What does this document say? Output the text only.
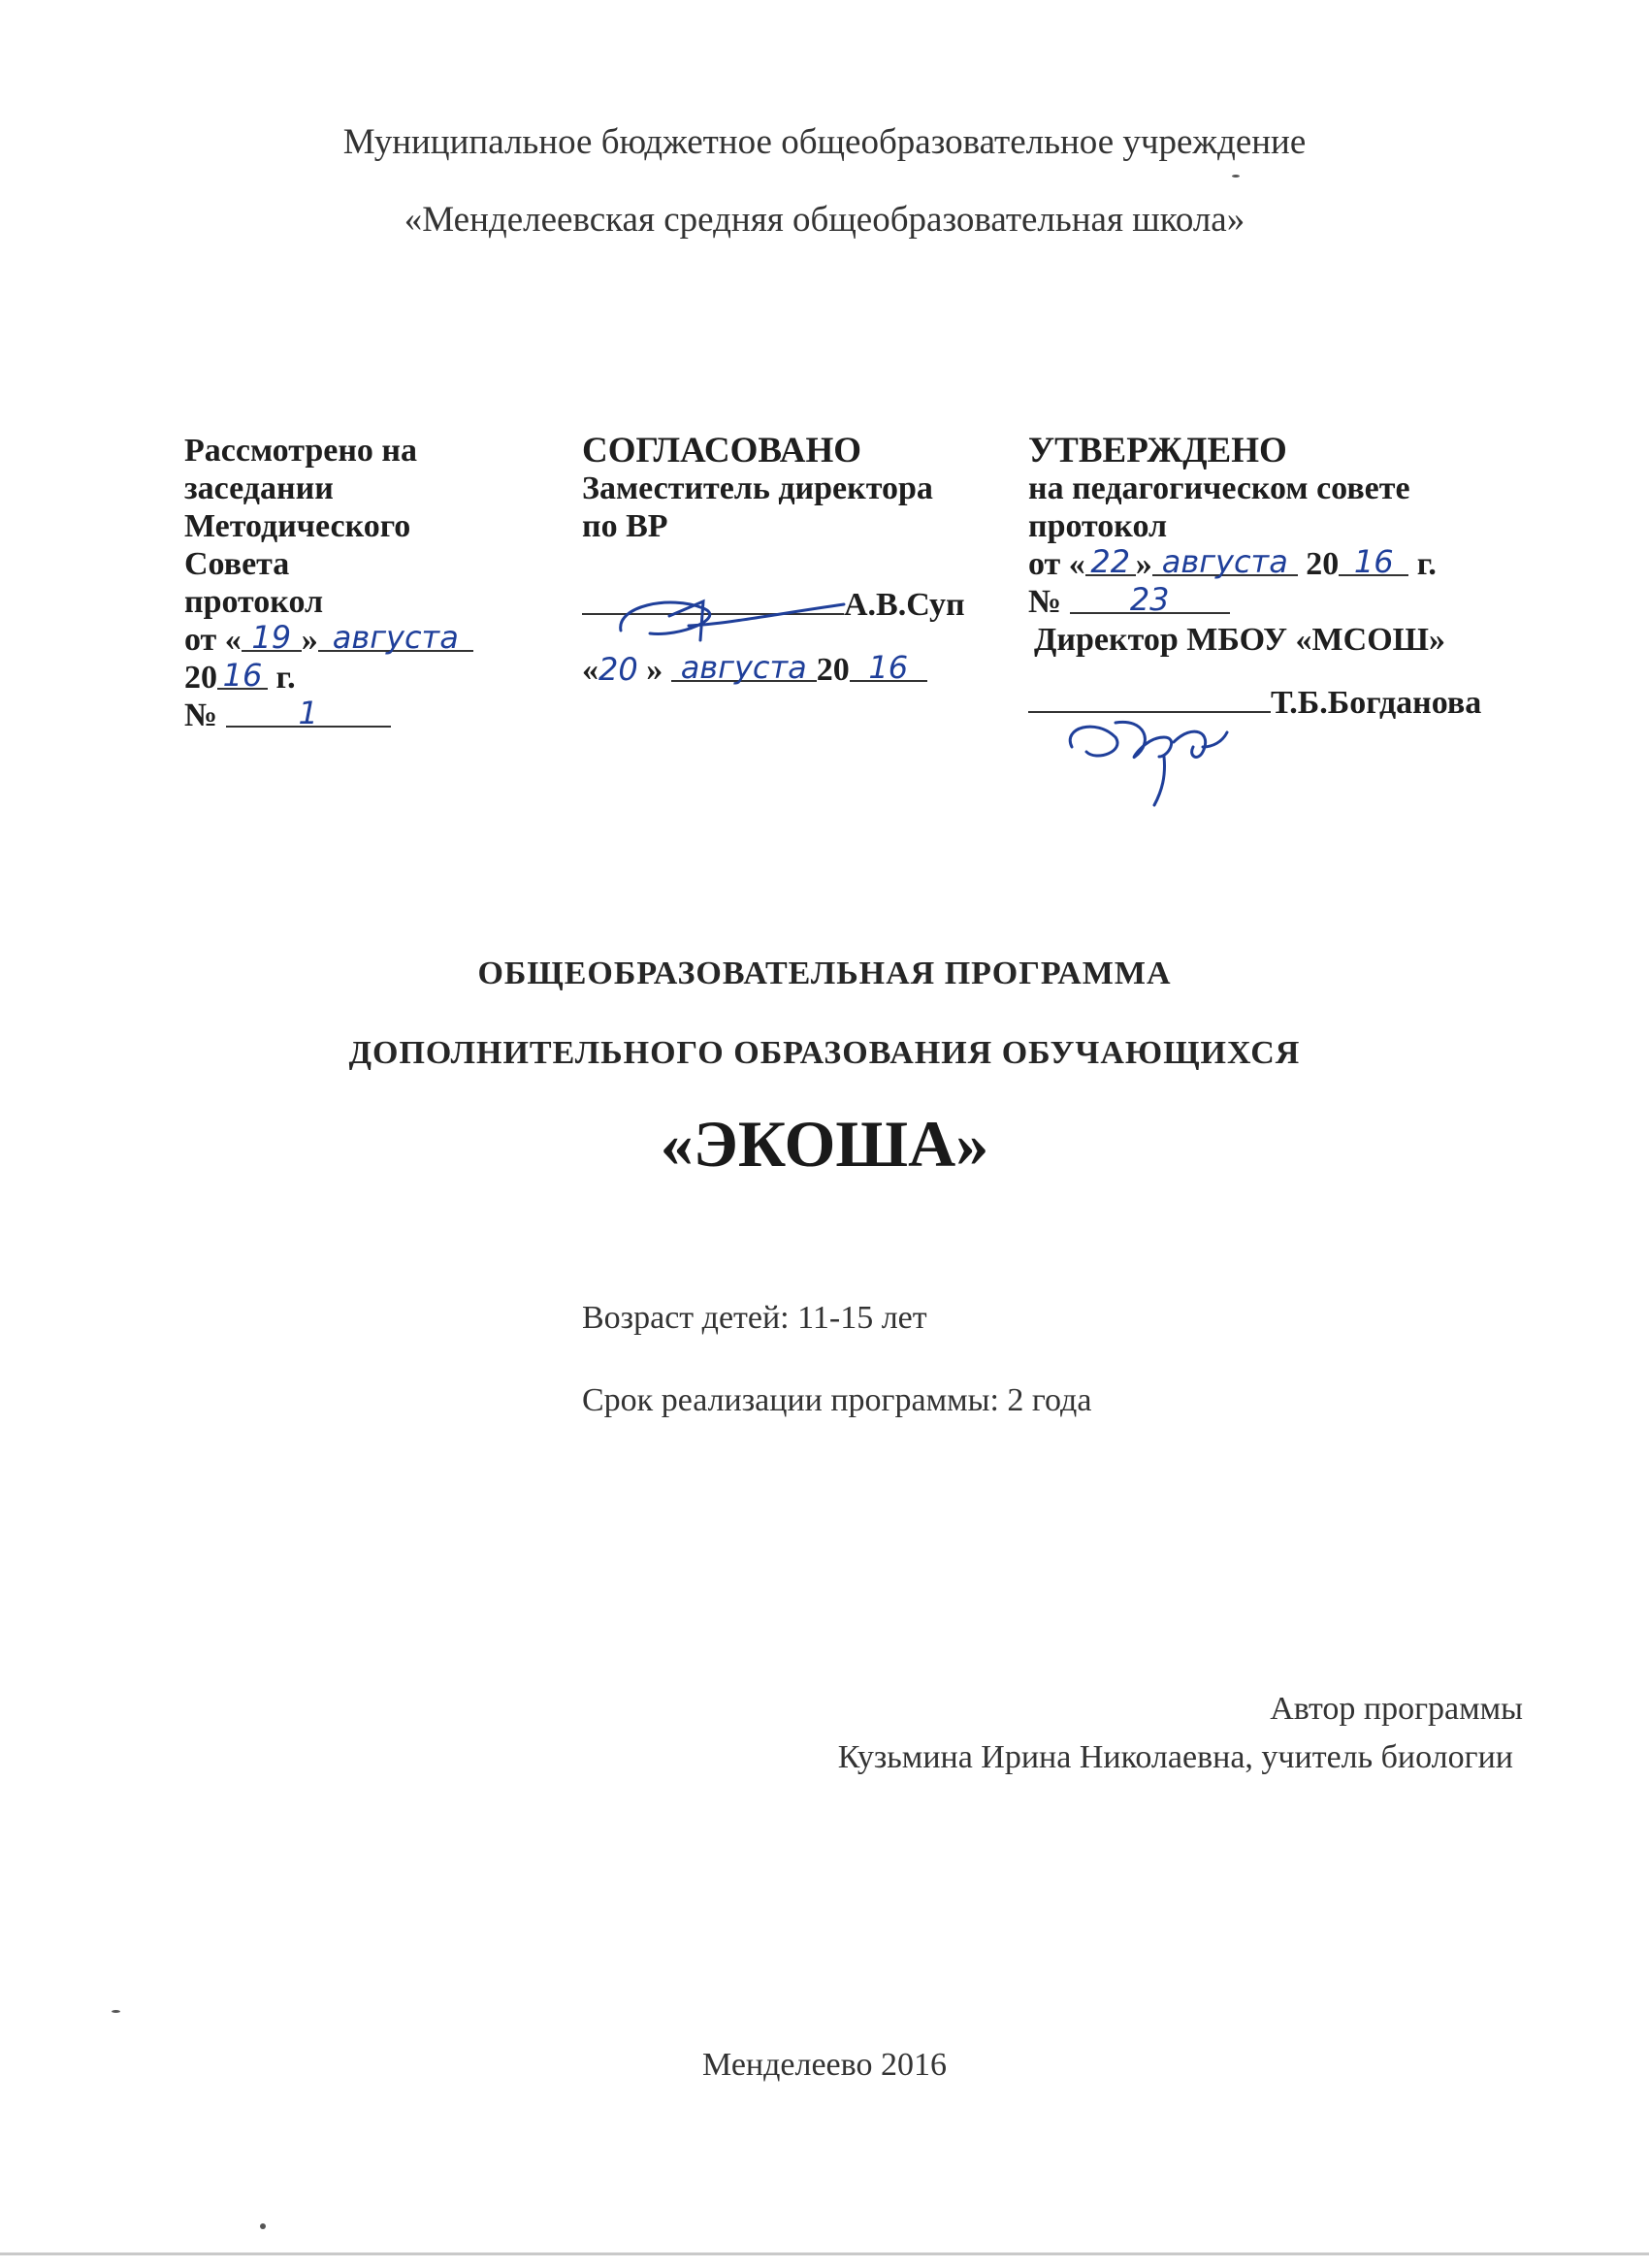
Муниципальное бюджетное общеобразовательное учреждение
«Менделеевская средняя общеобразовательная школа»
Рассмотрено на
заседании
Методического
Совета
протокол
от « 19 » августа
20 16 г.
№	1
СОГЛАСОВАНО
Заместитель директора
по ВР
А.В.Суп
«20 » августа 20 16
УТВЕРЖДЕНО
на педагогическом совете
протокол
от « 22 » августа 20 16 г.
№ 23
Директор МБОУ «МСОШ»
Т.Б.Богданова
ОБЩЕОБРАЗОВАТЕЛЬНАЯ ПРОГРАММА
ДОПОЛНИТЕЛЬНОГО ОБРАЗОВАНИЯ ОБУЧАЮЩИХСЯ
«ЭКОША»
Возраст детей: 11-15 лет
Срок реализации программы: 2 года
Автор программы
Кузьмина Ирина Николаевна, учитель биологии
Менделеево 2016
